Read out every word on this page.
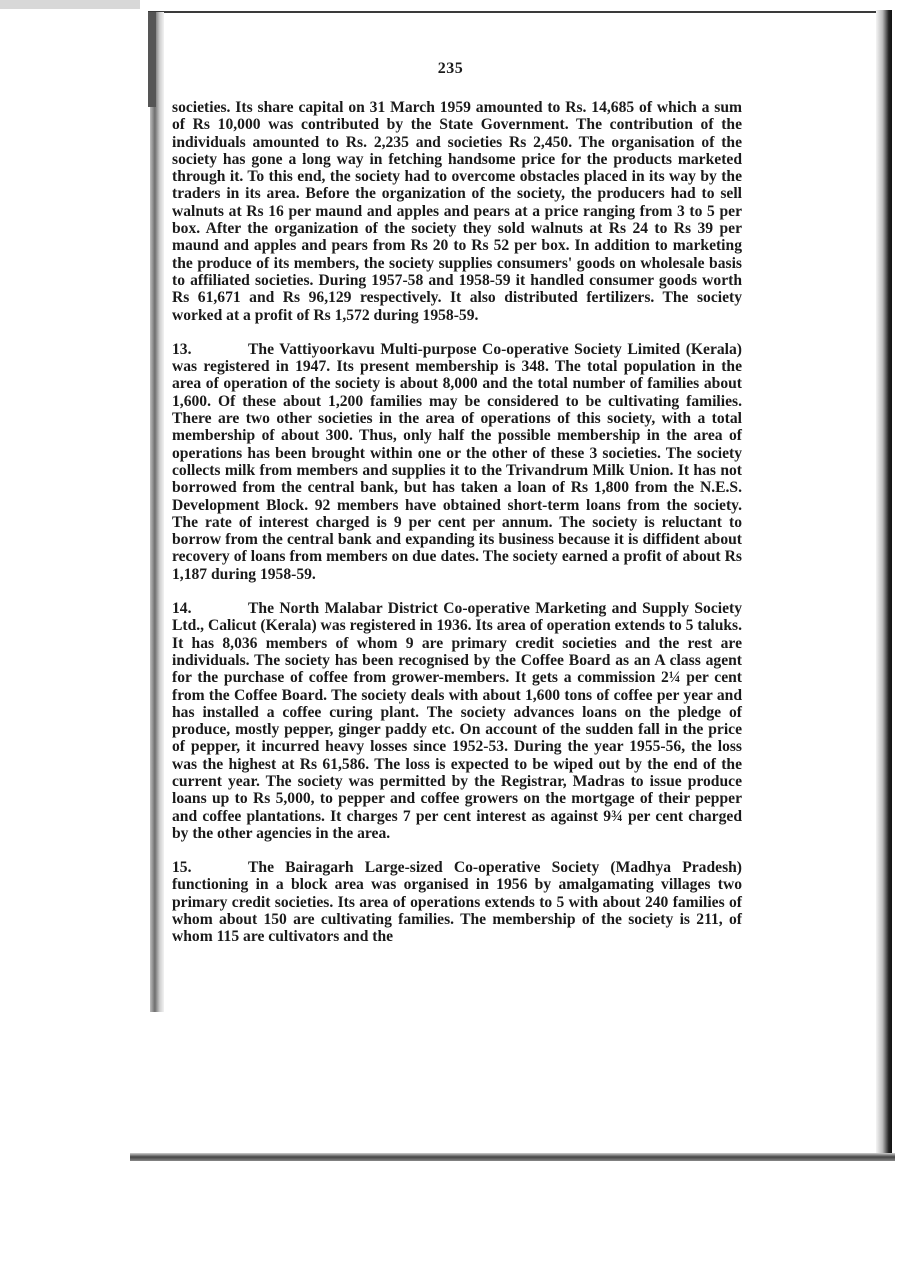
235

societies. Its share capital on 31 March 1959 amounted to Rs. 14,685 of which a sum of Rs 10,000 was contributed by the State Government. The contribution of the individuals amounted to Rs. 2,235 and societies Rs 2,450. The organisation of the society has gone a long way in fetching handsome price for the products marketed through it. To this end, the society had to overcome obstacles placed in its way by the traders in its area. Before the organization of the society, the producers had to sell walnuts at Rs 16 per maund and apples and pears at a price ranging from 3 to 5 per box. After the organization of the society they sold walnuts at Rs 24 to Rs 39 per maund and apples and pears from Rs 20 to Rs 52 per box. In addition to marketing the produce of its members, the society supplies consumers' goods on wholesale basis to affiliated societies. During 1957-58 and 1958-59 it handled consumer goods worth Rs 61,671 and Rs 96,129 respectively. It also distributed fertilizers. The society worked at a profit of Rs 1,572 during 1958-59.

13.	The Vattiyoorkavu Multi-purpose Co-operative Society Limited (Kerala) was registered in 1947. Its present membership is 348. The total population in the area of operation of the society is about 8,000 and the total number of families about 1,600. Of these about 1,200 families may be considered to be cultivating families. There are two other societies in the area of operations of this society, with a total membership of about 300. Thus, only half the possible membership in the area of operations has been brought within one or the other of these 3 societies. The society collects milk from members and supplies it to the Trivandrum Milk Union. It has not borrowed from the central bank, but has taken a loan of Rs 1,800 from the N.E.S. Development Block. 92 members have obtained short-term loans from the society. The rate of interest charged is 9 per cent per annum. The society is reluctant to borrow from the central bank and expanding its business because it is diffident about recovery of loans from members on due dates. The society earned a profit of about Rs 1,187 during 1958-59.

14.	The North Malabar District Co-operative Marketing and Supply Society Ltd., Calicut (Kerala) was registered in 1936. Its area of operation extends to 5 taluks. It has 8,036 members of whom 9 are primary credit societies and the rest are individuals. The society has been recognised by the Coffee Board as an A class agent for the purchase of coffee from grower-members. It gets a commission 2¼ per cent from the Coffee Board. The society deals with about 1,600 tons of coffee per year and has installed a coffee curing plant. The society advances loans on the pledge of produce, mostly pepper, ginger paddy etc. On account of the sudden fall in the price of pepper, it incurred heavy losses since 1952-53. During the year 1955-56, the loss was the highest at Rs 61,586. The loss is expected to be wiped out by the end of the current year. The society was permitted by the Registrar, Madras to issue produce loans up to Rs 5,000, to pepper and coffee growers on the mortgage of their pepper and coffee plantations. It charges 7 per cent interest as against 9¾ per cent charged by the other agencies in the area.

15.	The Bairagarh Large-sized Co-operative Society (Madhya Pradesh) functioning in a block area was organised in 1956 by amalgamating villages two primary credit societies. Its area of operations extends to 5 with about 240 families of whom about 150 are cultivating families. The membership of the society is 211, of whom 115 are cultivators and the
